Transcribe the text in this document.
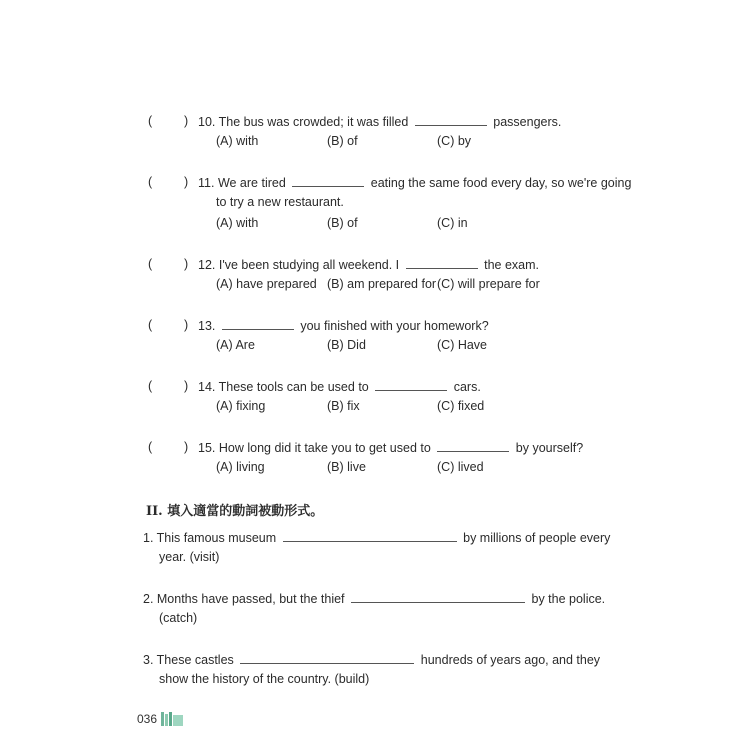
(	) 10. The bus was crowded; it was filled	passengers.
(A) with	(B) of	(C) by
(	) 11. We are tired	eating the same food every day, so we're going
to try a new restaurant.
(A) with	(B) of	(C) in
(	) 12. I've been studying all weekend. I	the exam.
(A) have prepared (B) am prepared for (C) will prepare for
(	) 13.	you finished with your homework?
(A) Are	(B) Did	(C) Have
(	) 14. These tools can be used to	cars.
(A) fixing	(B) fix	(C) fixed
(	) 15. How long did it take you to get used to	by yourself?
(A) living	(B) live	(C) lived
II. 填入適當的動詞被動形式。
1. This famous museum	by millions of people every
year. (visit)
2. Months have passed, but the thief	by the police.
(catch)
3. These castles	hundreds of years ago, and they
show the history of the country. (build)
036
